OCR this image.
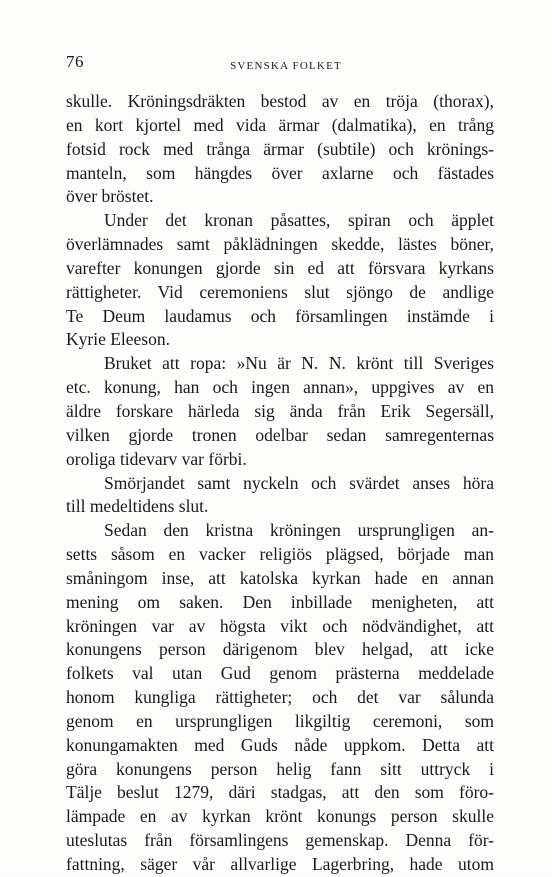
76	SVENSKA FOLKET
skulle. Kröningsdräkten bestod av en tröja (thorax),
en kort kjortel med vida ärmar (dalmatika), en trång
fotsid rock med trånga ärmar (subtile) och krönings-
manteln, som hängdes över axlarne och fästades
över bröstet.
Under det kronan påsattes, spiran och äpplet
överlämnades samt påklädningen skedde, lästes böner,
varefter konungen gjorde sin ed att försvara kyrkans
rättigheter. Vid ceremoniens slut sjöngo de andlige
Te Deum laudamus och församlingen instämde i
Kyrie Eleeson.
Bruket att ropa: »Nu är N. N. krönt till Sveriges
etc. konung, han och ingen annan», uppgives av en
äldre forskare härleda sig ända från Erik Segersäll,
vilken gjorde tronen odelbar sedan samregenternas
oroliga tidevarv var förbi.
Smörjandet samt nyckeln och svärdet anses höra
till medeltidens slut.
Sedan den kristna kröningen ursprungligen an-
setts såsom en vacker religiös plägsed, började man
småningom inse, att katolska kyrkan hade en annan
mening om saken. Den inbillade menigheten, att
kröningen var av högsta vikt och nödvändighet, att
konungens person därigenom blev helgad, att icke
folkets val utan Gud genom prästerna meddelade
honom kungliga rättigheter; och det var sålunda
genom en ursprungligen likgiltig ceremoni, som
konungamakten med Guds nåde uppkom. Detta att
göra konungens person helig fann sitt uttryck i
Tälje beslut 1279, däri stadgas, att den som förо-
lämpade en av kyrkan krönt konungs person skulle
uteslutas från församlingens gemenskap. Denna för-
fattning, säger vår allvarlige Lagerbring, hade utom
